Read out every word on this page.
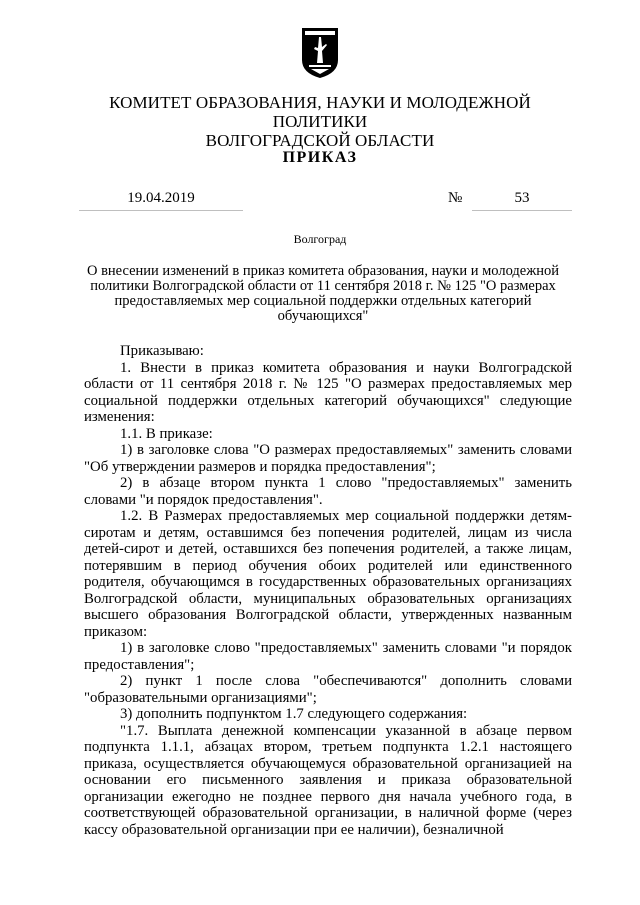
КОМИТЕТ ОБРАЗОВАНИЯ, НАУКИ И МОЛОДЕЖНОЙ ПОЛИТИКИ
ВОЛГОГРАДСКОЙ ОБЛАСТИ
ПРИКАЗ
19.04.2019	№	53
Волгоград
О внесении изменений в приказ комитета образования, науки и молодежной политики Волгоградской области от 11 сентября 2018 г. № 125 "О размерах предоставляемых мер социальной поддержки отдельных категорий обучающихся"

Приказываю:

1. Внести в приказ комитета образования и науки Волгоградской области от 11 сентября 2018 г. № 125 "О размерах предоставляемых мер социальной поддержки отдельных категорий обучающихся" следующие изменения:

1.1. В приказе:

1) в заголовке слова "О размерах предоставляемых" заменить словами "Об утверждении размеров и порядка предоставления";

2) в абзаце втором пункта 1 слово "предоставляемых" заменить словами "и порядок предоставления".

1.2. В Размерах предоставляемых мер социальной поддержки детям-сиротам и детям, оставшимся без попечения родителей, лицам из числа детей-сирот и детей, оставшихся без попечения родителей, а также лицам, потерявшим в период обучения обоих родителей или единственного родителя, обучающимся в государственных образовательных организациях Волгоградской области, муниципальных образовательных организациях высшего образования Волгоградской области, утвержденных названным приказом:

1) в заголовке слово "предоставляемых" заменить словами "и порядок предоставления";

2) пункт 1 после слова "обеспечиваются" дополнить словами "образовательными организациями";

3) дополнить подпунктом 1.7 следующего содержания:

"1.7. Выплата денежной компенсации указанной в абзаце первом подпункта 1.1.1, абзацах втором, третьем подпункта 1.2.1 настоящего приказа, осуществляется обучающемуся образовательной организацией на основании его письменного заявления и приказа образовательной организации ежегодно не позднее первого дня начала учебного года, в соответствующей образовательной организации, в наличной форме (через кассу образовательной организации при ее наличии), безналичной
